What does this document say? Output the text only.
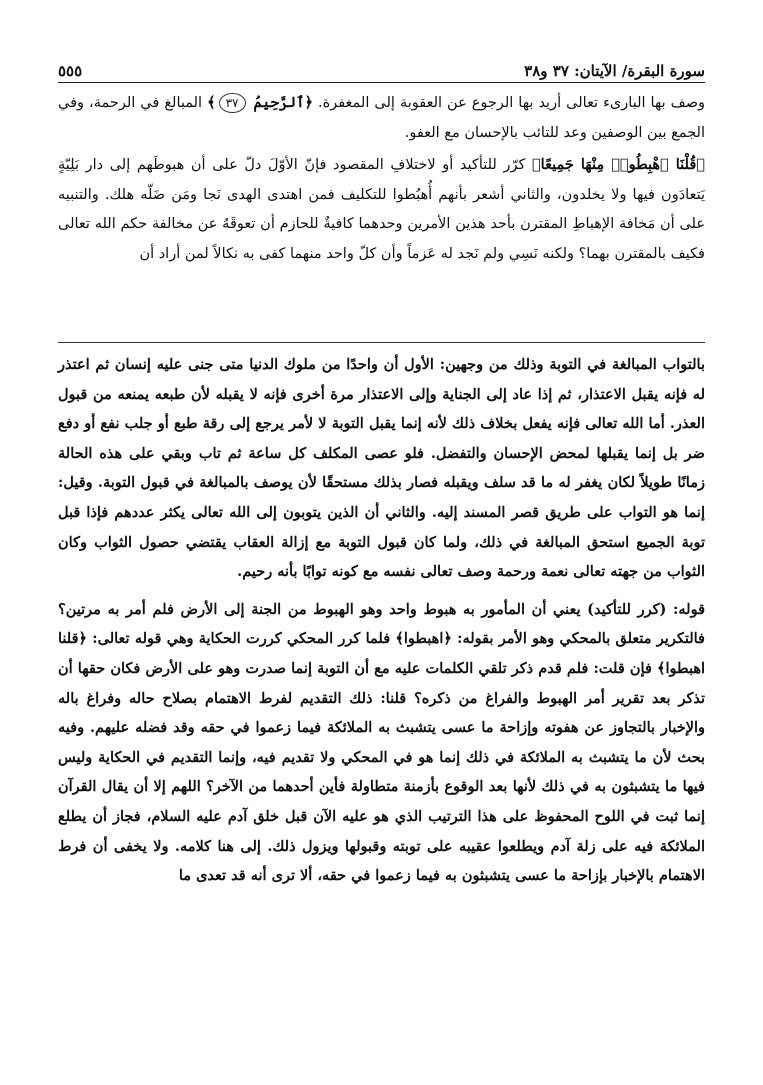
سورة البقرة/ الآيتان: ٣٧ و٣٨
٥٥٥

وصف بها البارىء تعالى أريد بها الرجوع عن العقوبة إلى المغفرة. ﴿ٱلرَّحِيمُ ٣٧﴾ المبالغ في الرحمة، وفي الجمع بين الوصفين وعد للتائب بالإحسان مع العفو.

﴿قُلْنَا ٱهْبِطُوا۟ مِنْهَا جَمِيعًا﴾ كرّر للتأكيد أو لاختلافِ المقصود فإنّ الأوّلَ دلّ على أن هبوطَهم إلى دار بَلِيّةٍ يَتعادَون فيها ولا يخلدون، والثاني أشعر بأنهم أُهبُطوا للتكليف فمن اهتدى الهدى نَجا ومَن ضَلّه هلك. والتنبيه على أن مَخافة الإهباطِ المقترن بأحد هذين الأمرين وحدهما كافيةٌ للحازم أن تعوقَهُ عن مخالفة حكم الله تعالى فكيف بالمقترن بهما؟ ولكنه نَسِي ولم نَجد له عَزماً وأن كلّ واحد منهما كفى به نكالاً لمن أراد أن

بالتواب المبالغة في التوبة وذلك من وجهين: الأول أن واحدًا من ملوك الدنيا متى جنى عليه إنسان ثم اعتذر له فإنه يقبل الاعتذار، ثم إذا عاد إلى الجناية وإلى الاعتذار مرة أخرى فإنه لا يقبله لأن طبعه يمنعه من قبول العذر. أما الله تعالى فإنه يفعل بخلاف ذلك لأنه إنما يقبل التوبة لا لأمر يرجع إلى رقة طبع أو جلب نفع أو دفع ضر بل إنما يقبلها لمحض الإحسان والتفضل. فلو عصى المكلف كل ساعة ثم تاب وبقي على هذه الحالة زمانًا طويلاً لكان يغفر له ما قد سلف ويقبله فصار بذلك مستحقًا لأن يوصف بالمبالغة في قبول التوبة. وقيل: إنما هو التواب على طريق قصر المسند إليه. والثاني أن الذين يتوبون إلى الله تعالى يكثر عددهم فإذا قبل توبة الجميع استحق المبالغة في ذلك، ولما كان قبول التوبة مع إزالة العقاب يقتضي حصول الثواب وكان الثواب من جهته تعالى نعمة ورحمة وصف تعالى نفسه مع كونه توابًا بأنه رحيم.

قوله: (كرر للتأكيد) يعني أن المأمور به هبوط واحد وهو الهبوط من الجنة إلى الأرض فلم أمر به مرتين؟ فالتكرير متعلق بالمحكي وهو الأمر بقوله: ﴿اهبطوا﴾ فلما كرر المحكي كررت الحكاية وهي قوله تعالى: ﴿قلنا اهبطوا﴾ فإن قلت: فلم قدم ذكر تلقي الكلمات عليه مع أن التوبة إنما صدرت وهو على الأرض فكان حقها أن تذكر بعد تقرير أمر الهبوط والفراغ من ذكره؟ قلنا: ذلك التقديم لفرط الاهتمام بصلاح حاله وفراغ باله والإخبار بالتجاوز عن هفوته وإزاحة ما عسى يتشبث به الملائكة فيما زعموا في حقه وقد فضله عليهم. وفيه بحث لأن ما يتشبث به الملائكة في ذلك إنما هو في المحكي ولا تقديم فيه، وإنما التقديم في الحكاية وليس فيها ما يتشبثون به في ذلك لأنها بعد الوقوع بأزمنة متطاولة فأين أحدهما من الآخر؟ اللهم إلا أن يقال القرآن إنما ثبت في اللوح المحفوظ على هذا الترتيب الذي هو عليه الآن قبل خلق آدم عليه السلام، فجاز أن يطلع الملائكة فيه على زلة آدم ويطلعوا عقيبه على توبته وقبولها ويزول ذلك. إلى هنا كلامه. ولا يخفى أن فرط الاهتمام بالإخبار بإزاحة ما عسى يتشبثون به فيما زعموا في حقه، ألا ترى أنه قد تعدى ما
